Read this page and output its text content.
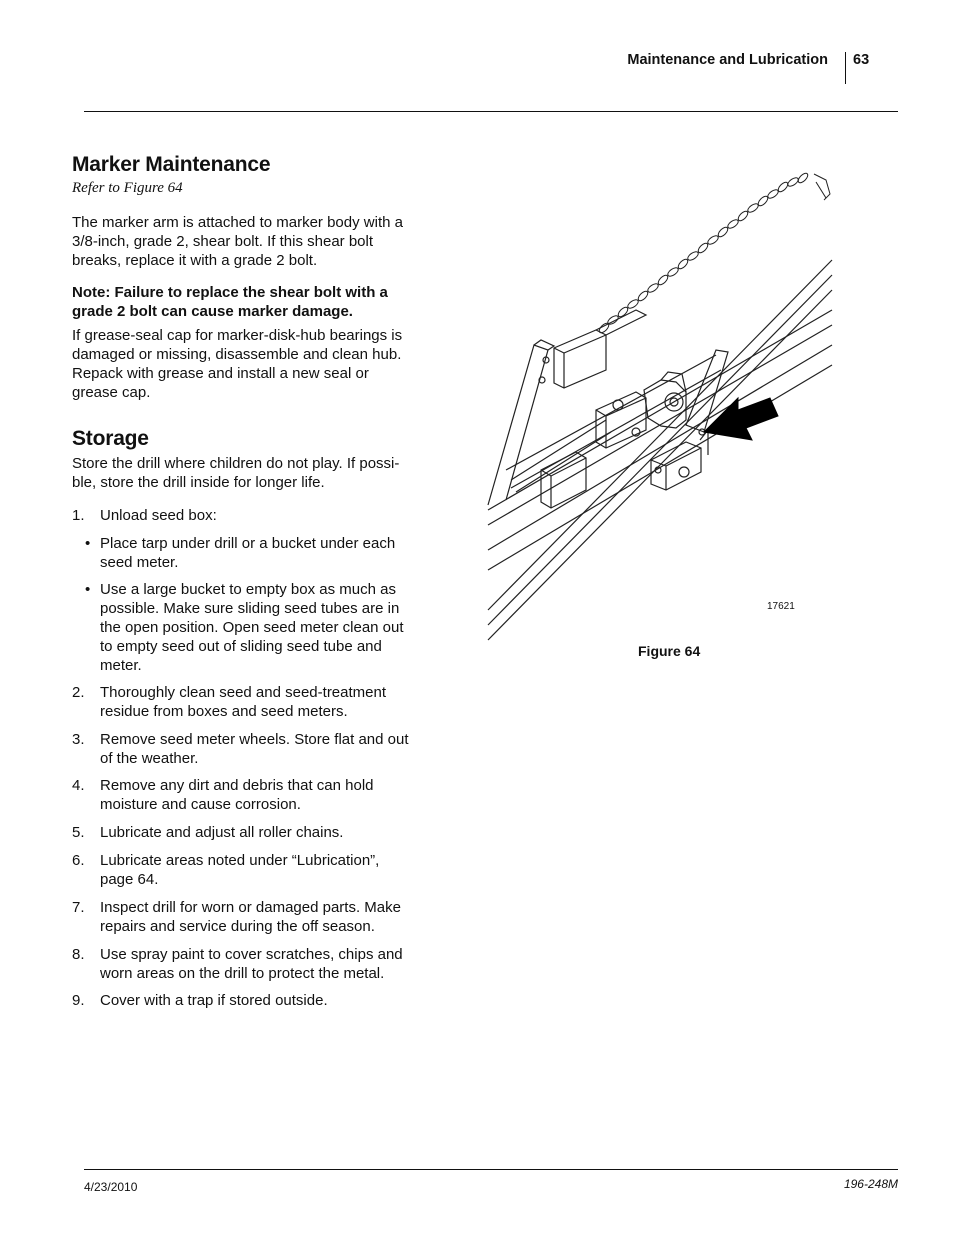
Maintenance and Lubrication 63
Marker Maintenance
Refer to Figure 64

The marker arm is attached to marker body with a 3/8-inch, grade 2, shear bolt. If this shear bolt breaks, replace it with a grade 2 bolt.

Note: Failure to replace the shear bolt with a grade 2 bolt can cause marker damage.

If grease-seal cap for marker-disk-hub bearings is damaged or missing, disassemble and clean hub. Repack with grease and install a new seal or grease cap.

Storage

Store the drill where children do not play. If possi-ble, store the drill inside for longer life.

1. Unload seed box:
• Place tarp under drill or a bucket under each seed meter.
• Use a large bucket to empty box as much as possible. Make sure sliding seed tubes are in the open position. Open seed meter clean out to empty seed out of sliding seed tube and meter.
2. Thoroughly clean seed and seed-treatment residue from boxes and seed meters.
3. Remove seed meter wheels. Store flat and out of the weather.
4. Remove any dirt and debris that can hold moisture and cause corrosion.
5. Lubricate and adjust all roller chains.
6. Lubricate areas noted under “Lubrication”, page 64.
7. Inspect drill for worn or damaged parts. Make repairs and service during the off season.
8. Use spray paint to cover scratches, chips and worn areas on the drill to protect the metal.
9. Cover with a trap if stored outside.
17621
Figure 64
4/23/2010	196-248M
